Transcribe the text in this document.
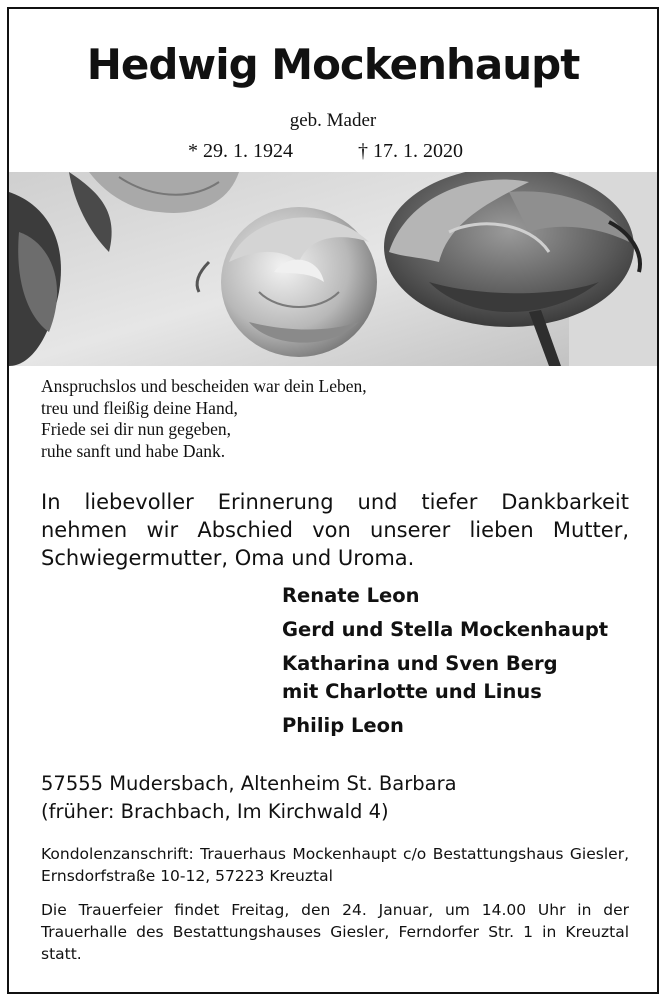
Hedwig Mockenhaupt
geb. Mader
* 29. 1. 1924	† 17. 1. 2020
Anspruchslos und bescheiden war dein Leben,
treu und fleißig deine Hand,
Friede sei dir nun gegeben,
ruhe sanft und habe Dank.
In liebevoller Erinnerung und tiefer Dankbarkeit nehmen wir Abschied von unserer lieben Mutter, Schwiegermutter, Oma und Uroma.
Renate Leon
Gerd und Stella Mockenhaupt
Katharina und Sven Berg
mit Charlotte und Linus
Philip Leon
57555 Mudersbach, Altenheim St. Barbara
(früher: Brachbach, Im Kirchwald 4)
Kondolenzanschrift: Trauerhaus Mockenhaupt c/o Bestattungshaus Giesler, Ernsdorfstraße 10-12, 57223 Kreuztal
Die Trauerfeier findet Freitag, den 24. Januar, um 14.00 Uhr in der Trauerhalle des Bestattungshauses Giesler, Ferndorfer Str. 1 in Kreuztal statt.
